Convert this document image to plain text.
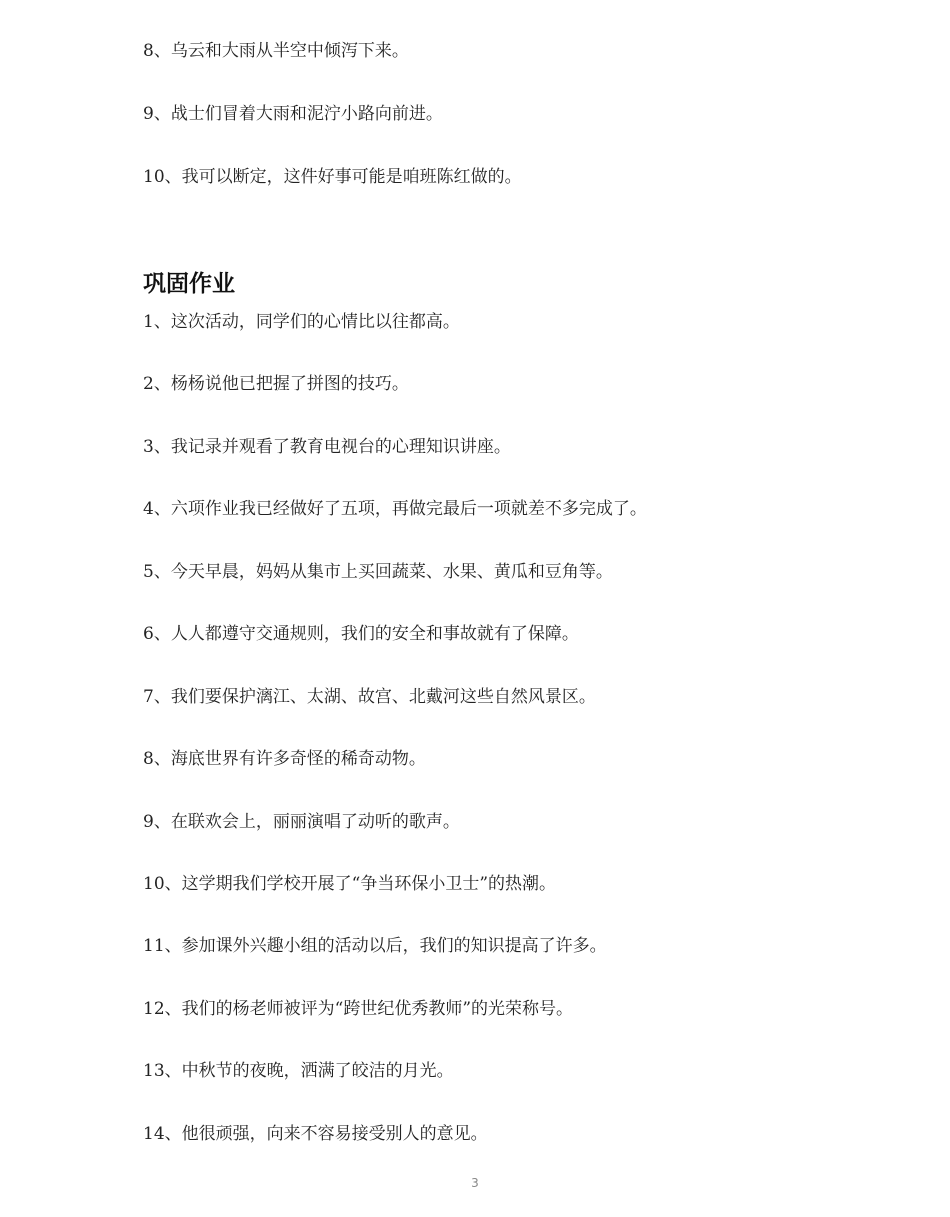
8、乌云和大雨从半空中倾泻下来。
9、战士们冒着大雨和泥泞小路向前进。
10、我可以断定，这件好事可能是咱班陈红做的。
巩固作业
1、这次活动，同学们的心情比以往都高。
2、杨杨说他已把握了拼图的技巧。
3、我记录并观看了教育电视台的心理知识讲座。
4、六项作业我已经做好了五项，再做完最后一项就差不多完成了。
5、今天早晨，妈妈从集市上买回蔬菜、水果、黄瓜和豆角等。
6、人人都遵守交通规则，我们的安全和事故就有了保障。
7、我们要保护漓江、太湖、故宫、北戴河这些自然风景区。
8、海底世界有许多奇怪的稀奇动物。
9、在联欢会上，丽丽演唱了动听的歌声。
10、这学期我们学校开展了“争当环保小卫士”的热潮。
11、参加课外兴趣小组的活动以后，我们的知识提高了许多。
12、我们的杨老师被评为“跨世纪优秀教师”的光荣称号。
13、中秋节的夜晚，洒满了皎洁的月光。
14、他很顽强，向来不容易接受别人的意见。
3
